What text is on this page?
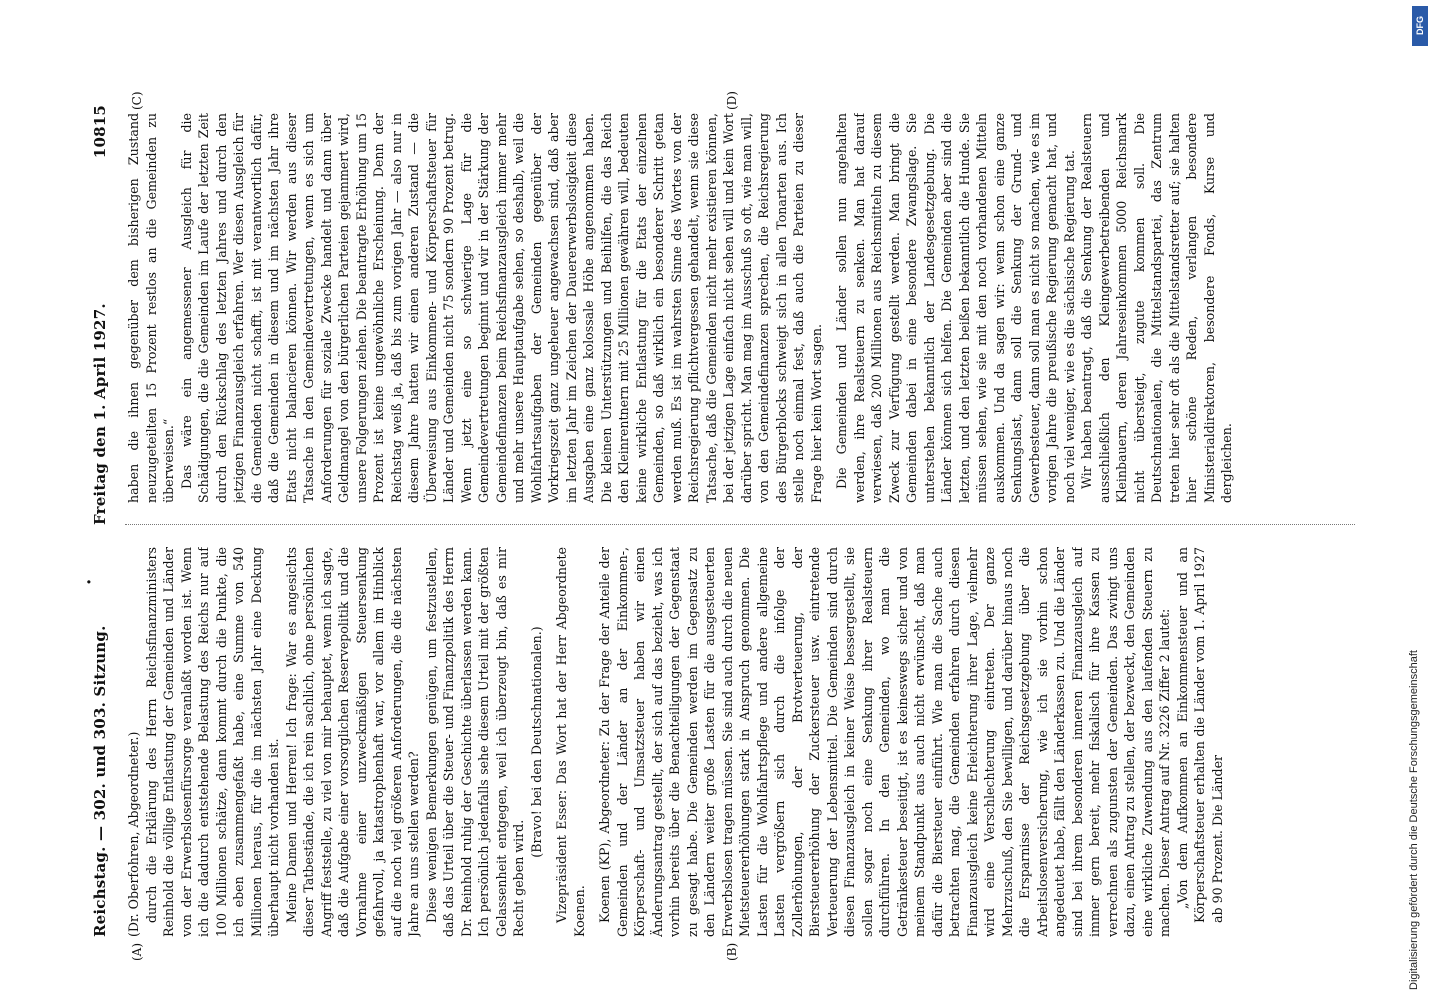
Reichstag. — 302. und 303. Sitzung.
·
Freitag den 1. April 1927.
10815
(A)	(B)
(C)	(D)

(Dr. Oberfohren, Abgeordneter.) durch die Erklärung des Herrn Reichsfinanzministers Reinhold die völlige Entlastung der Gemeinden und Länder von der Erwerbslosenfürsorge veranlaßt worden ist. Wenn ich die dadurch entstehende Belastung des Reichs nur auf 100 Millionen schätze, dann kommt durch die Punkte, die ich eben zusammengefaßt habe, eine Summe von 540 Millionen heraus, für die im nächsten Jahr eine Deckung überhaupt nicht vorhanden ist. Meine Damen und Herren! Ich frage: War es angesichts dieser Tatbestände, die ich rein sachlich, ohne persönlichen Angriff feststelle, zu viel von mir behauptet, wenn ich sagte, daß die Aufgabe einer vorsorglichen Reservepolitik und die Vornahme einer unzweckmäßigen Steuersenkung gefahrvoll, ja katastrophenhaft war, vor allem im Hinblick auf die noch viel größeren Anforderungen, die die nächsten Jahre an uns stellen werden? Diese wenigen Bemerkungen genügen, um festzustellen, daß das Urteil über die Steuer- und Finanzpolitik des Herrn Dr. Reinhold ruhig der Geschichte überlassen werden kann. Ich persönlich jedenfalls sehe diesem Urteil mit der größten Gelassenheit entgegen, weil ich überzeugt bin, daß es mir Recht geben wird.

(Bravo! bei den Deutschnationalen.) Vizepräsident Esser: Das Wort hat der Herr Abgeordnete Koenen. Koenen (KP), Abgeordneter: Zu der Frage der Anteile der Gemeinden und der Länder an der Einkommen-, Körperschaft- und Umsatzsteuer haben wir einen Änderungsantrag gestellt, der sich auf das bezieht, was ich vorhin bereits über die Benachteiligungen der Gegenstaat zu gesagt habe. Die Gemeinden werden im Gegensatz zu den Ländern weiter große Lasten für die ausgesteuerten Erwerbslosen tragen müssen. Sie sind auch durch die neuen Mietsteuererhöhungen stark in Anspruch genommen. Die Lasten für die Wohlfahrtspflege und andere allgemeine Lasten vergrößern sich durch die infolge der Zollerhöhungen, der Brotverteuerung, der Biersteuererhöhung der Zuckersteuer usw. eintretende Verteuerung der Lebensmittel. Die Gemeinden sind durch diesen Finanzausgleich in keiner Weise bessergestellt, sie sollen sogar noch eine Senkung ihrer Realsteuern durchführen. In den Gemeinden, wo man die Getränkesteuer beseitigt, ist es keineswegs sicher und von meinem Standpunkt aus auch nicht erwünscht, daß man dafür die Biersteuer einführt. Wie man die Sache auch betrachten mag, die Gemeinden erfahren durch diesen Finanzausgleich keine Erleichterung ihrer Lage, vielmehr wird eine Verschlechterung eintreten. Der ganze Mehrzuschuß, den Sie bewilligen, und darüber hinaus noch die Ersparnisse der Reichsgesetzgebung über die Arbeitslosenversicherung, wie ich sie vorhin schon angedeutet habe, fällt den Länderkassen zu. Und die Länder sind bei ihrem besonderen inneren Finanzausgleich auf immer gern bereit, mehr fiskalisch für ihre Kassen zu verrechnen als zugunsten der Gemeinden. Das zwingt uns dazu, einen Antrag zu stellen, der bezweckt, den Gemeinden eine wirkliche Zuwendung aus den laufenden Steuern zu machen. Dieser Antrag auf Nr. 3226 Ziffer 2 lautet: „Von dem Aufkommen an Einkommensteuer und an Körperschaftsteuer erhalten die Länder vom 1. April 1927 ab 90 Prozent. Die Länder

haben die ihnen gegenüber dem bisherigen Zustand neuzugeteilten 15 Prozent restlos an die Gemeinden zu überweisen.“ Das wäre ein angemessener Ausgleich für die Schädigungen, die die Gemeinden im Laufe der letzten Zeit durch den Rückschlag des letzten Jahres und durch den jetzigen Finanzausgleich erfahren. Wer diesen Ausgleich für die Gemeinden nicht schafft, ist mit verantwortlich dafür, daß die Gemeinden in diesem und im nächsten Jahr ihre Etats nicht balancieren können. Wir werden aus dieser Tatsache in den Gemeindevertretungen, wenn es sich um Anforderungen für soziale Zwecke handelt und dann über Geldmangel von den bürgerlichen Parteien gejammert wird, unsere Folgerungen ziehen. Die beantragte Erhöhung um 15 Prozent ist keine ungewöhnliche Erscheinung. Denn der Reichstag weiß ja, daß bis zum vorigen Jahr — also nur in diesem Jahre hatten wir einen anderen Zustand — die Überweisung aus Einkommen- und Körperschaftsteuer für Länder und Gemeinden nicht 75 sondern 90 Prozent betrug. Wenn jetzt eine so schwierige Lage für die Gemeindevertretungen beginnt und wir in der Stärkung der Gemeindefinanzen beim Reichsfinanzausgleich immer mehr und mehr unsere Hauptaufgabe sehen, so deshalb, weil die Wohlfahrtsaufgaben der Gemeinden gegenüber der Vorkriegszeit ganz ungeheuer angewachsen sind, daß aber im letzten Jahr im Zeichen der Dauererwerbslosigkeit diese Ausgaben eine ganz kolossale Höhe angenommen haben. Die kleinen Unterstützungen und Beihilfen, die das Reich den Kleinrentnern mit 25 Millionen gewähren will, bedeuten keine wirkliche Entlastung für die Etats der einzelnen Gemeinden, so daß wirklich ein besonderer Schritt getan werden muß. Es ist im wahrsten Sinne des Wortes von der Reichsregierung pflichtvergessen gehandelt, wenn sie diese Tatsache, daß die Gemeinden nicht mehr existieren können, bei der jetzigen Lage einfach nicht sehen will und kein Wort darüber spricht. Man mag im Ausschuß so oft, wie man will, von den Gemeindefinanzen sprechen, die Reichsregierung des Bürgerblocks schweigt sich in allen Tonarten aus. Ich stelle noch einmal fest, daß auch die Parteien zu dieser Frage hier kein Wort sagen. Die Gemeinden und Länder sollen nun angehalten werden, ihre Realsteuern zu senken. Man hat darauf verwiesen, daß 200 Millionen aus Reichsmitteln zu diesem Zweck zur Verfügung gestellt werden. Man bringt die Gemeinden dabei in eine besondere Zwangslage. Sie unterstehen bekanntlich der Landesgesetzgebung. Die Länder können sich helfen. Die Gemeinden aber sind die letzten, und den letzten beißen bekanntlich die Hunde. Sie müssen sehen, wie sie mit den noch vorhandenen Mitteln auskommen. Und da sagen wir: wenn schon eine ganze Senkungslast, dann soll die Senkung der Grund- und Gewerbesteuer, dann soll man es nicht so machen, wie es im vorigen Jahre die preußische Regierung gemacht hat, und noch viel weniger, wie es die sächsische Regierung tat. Wir haben beantragt, daß die Senkung der Realsteuern ausschließlich den Kleingewerbetreibenden und Kleinbauern, deren Jahreseinkommen 5000 Reichsmark nicht übersteigt, zugute kommen soll. Die Deutschnationalen, die Mittelstandspartei, das Zentrum treten hier sehr oft als die Mittelstandsretter auf; sie halten hier schöne Reden, verlangen besondere Ministerialdirektoren, besondere Fonds, Kurse und dergleichen.

DFG
Digitalisierung gefördert durch die Deutsche Forschungsgemeinschaft
